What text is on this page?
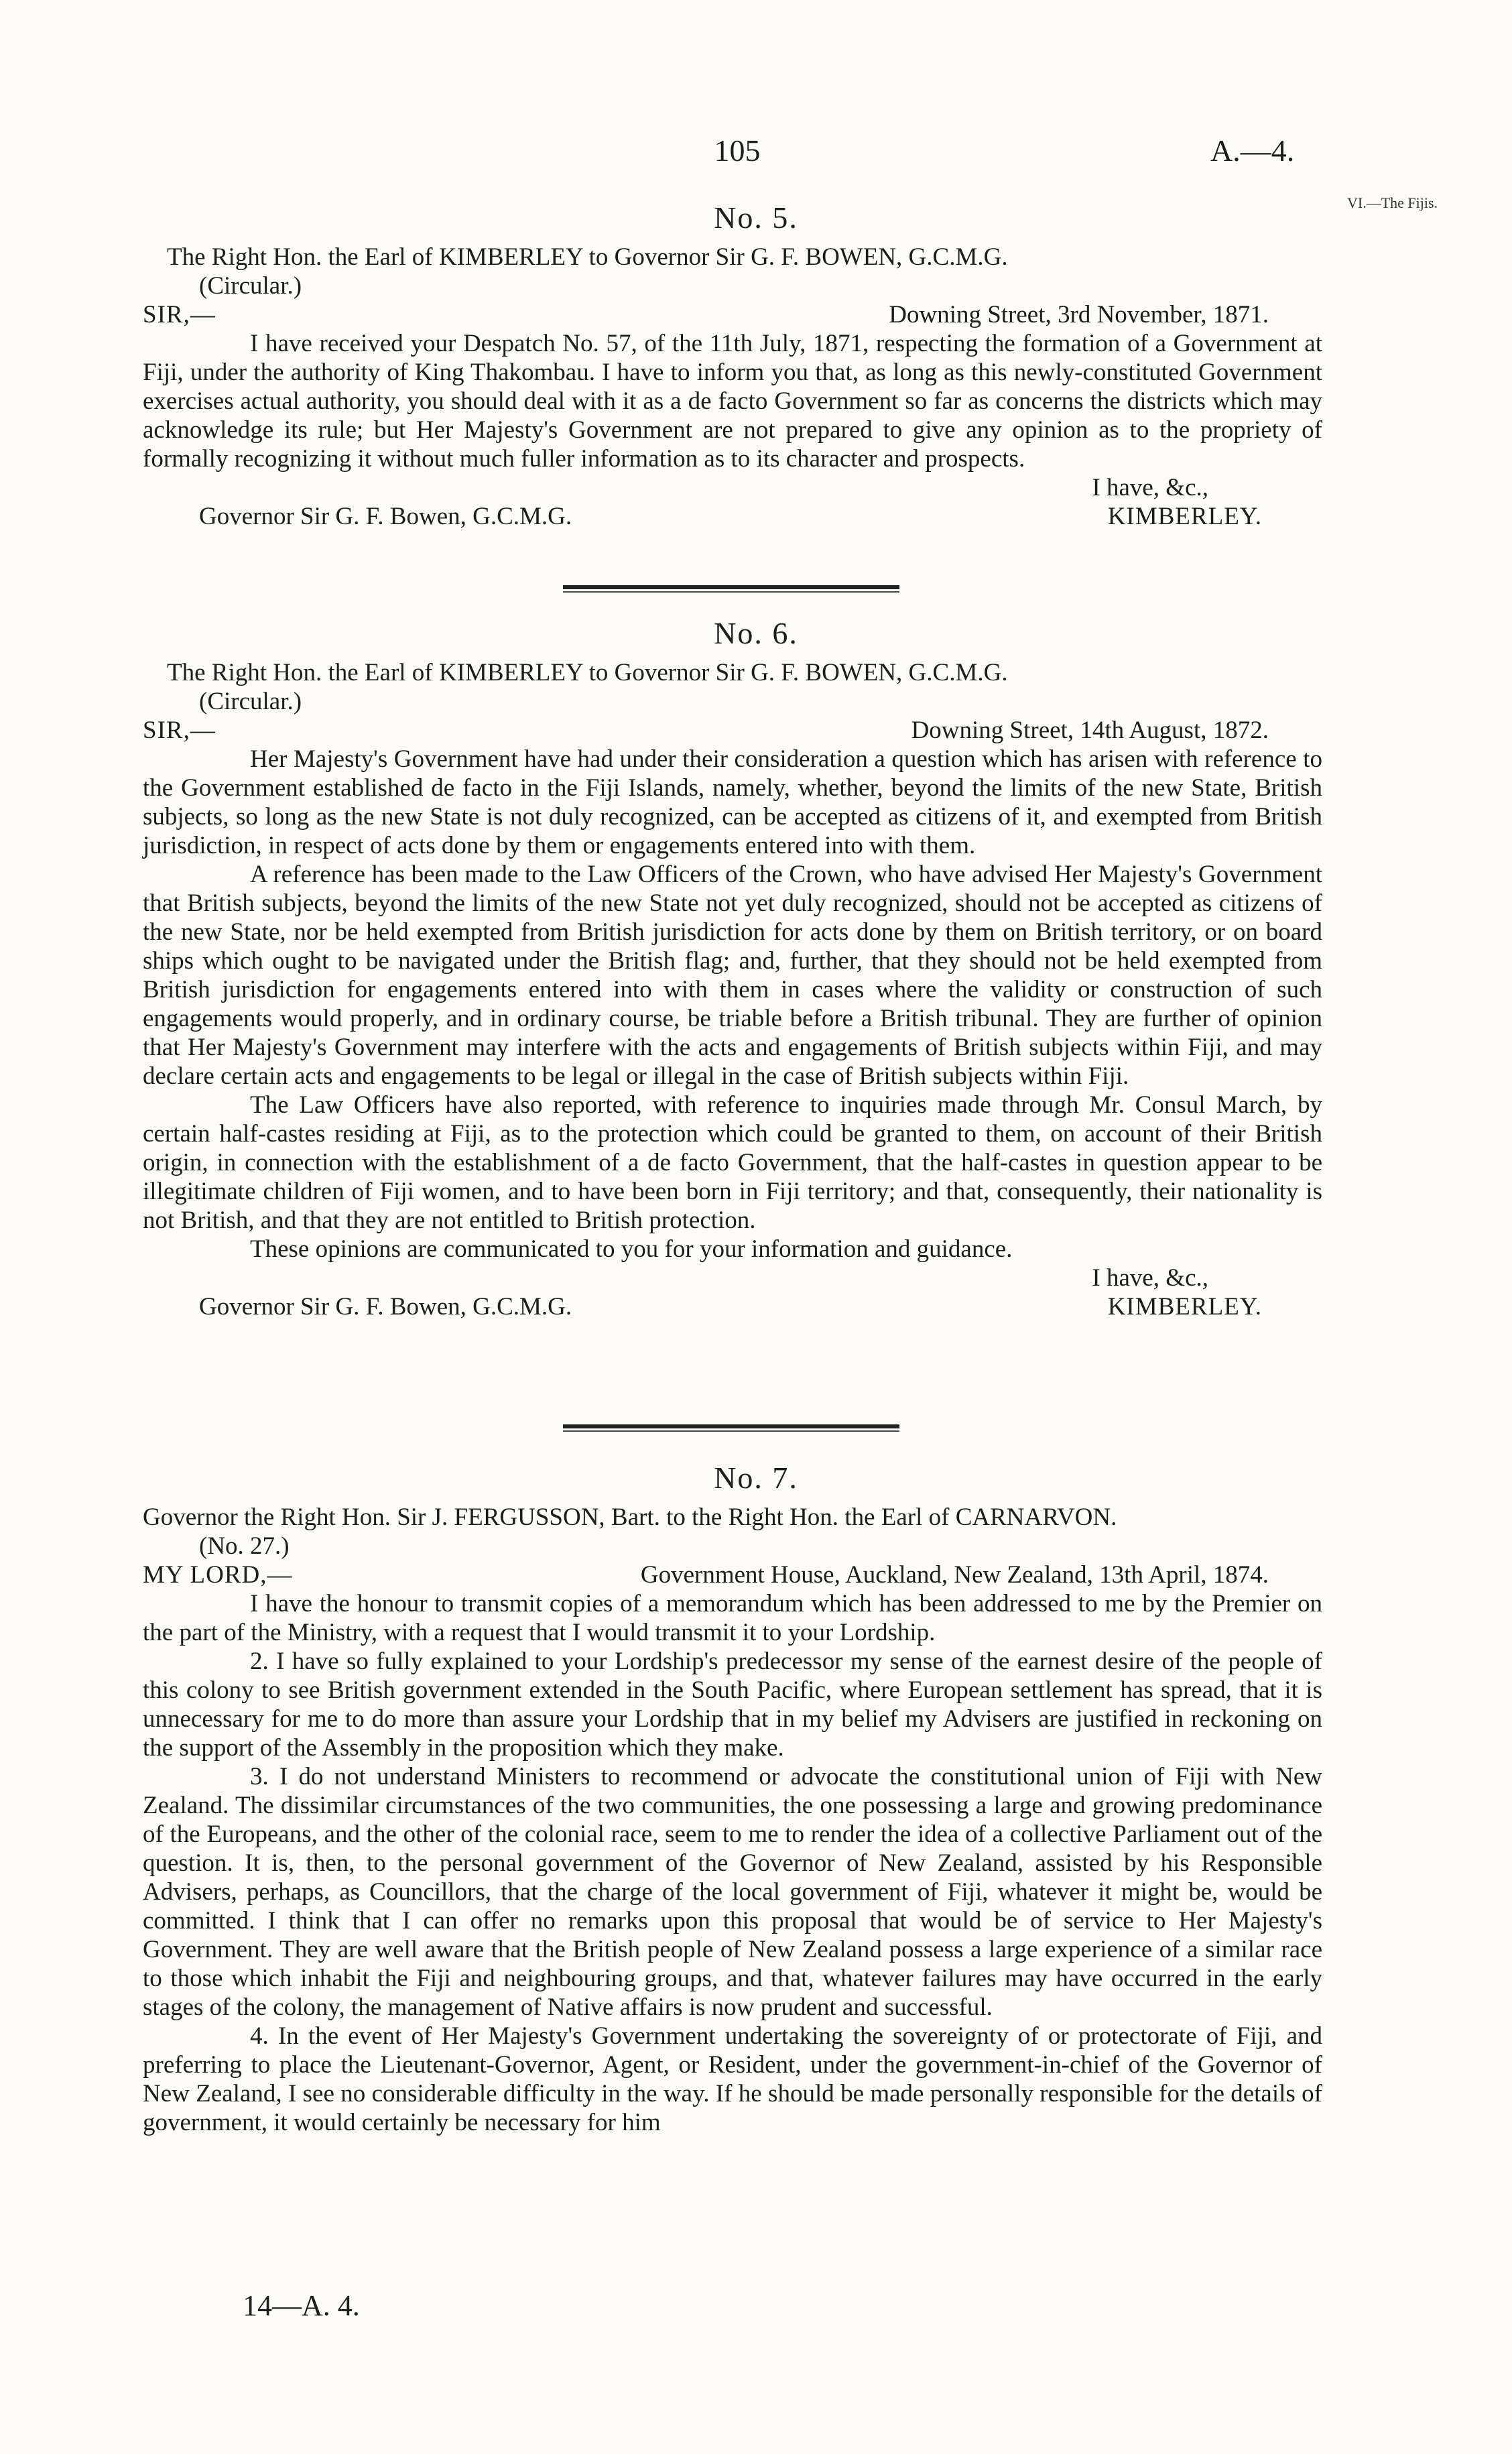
105	A.—4.
VI.—The Fijis.
No. 5.
The Right Hon. the Earl of KIMBERLEY to Governor Sir G. F. BOWEN, G.C.M.G.
(Circular.)
SIR,—	Downing Street, 3rd November, 1871.

I have received your Despatch No. 57, of the 11th July, 1871, respecting the formation of a Government at Fiji, under the authority of King Thakombau. I have to inform you that, as long as this newly-constituted Government exercises actual authority, you should deal with it as a de facto Government so far as concerns the districts which may acknowledge its rule; but Her Majesty's Government are not prepared to give any opinion as to the propriety of formally recognizing it without much fuller information as to its character and prospects.

I have, &c.,
Governor Sir G. F. Bowen, G.C.M.G.	KIMBERLEY.
No. 6.
The Right Hon. the Earl of KIMBERLEY to Governor Sir G. F. BOWEN, G.C.M.G.
(Circular.)
SIR,—	Downing Street, 14th August, 1872.

Her Majesty's Government have had under their consideration a question which has arisen with reference to the Government established de facto in the Fiji Islands, namely, whether, beyond the limits of the new State, British subjects, so long as the new State is not duly recognized, can be accepted as citizens of it, and exempted from British jurisdiction, in respect of acts done by them or engagements entered into with them.

A reference has been made to the Law Officers of the Crown, who have advised Her Majesty's Government that British subjects, beyond the limits of the new State not yet duly recognized, should not be accepted as citizens of the new State, nor be held exempted from British jurisdiction for acts done by them on British territory, or on board ships which ought to be navigated under the British flag; and, further, that they should not be held exempted from British jurisdiction for engagements entered into with them in cases where the validity or construction of such engagements would properly, and in ordinary course, be triable before a British tribunal. They are further of opinion that Her Majesty's Government may interfere with the acts and engagements of British subjects within Fiji, and may declare certain acts and engagements to be legal or illegal in the case of British subjects within Fiji.

The Law Officers have also reported, with reference to inquiries made through Mr. Consul March, by certain half-castes residing at Fiji, as to the protection which could be granted to them, on account of their British origin, in connection with the establishment of a de facto Government, that the half-castes in question appear to be illegitimate children of Fiji women, and to have been born in Fiji territory; and that, consequently, their nationality is not British, and that they are not entitled to British protection.

These opinions are communicated to you for your information and guidance.

I have, &c.,
Governor Sir G. F. Bowen, G.C.M.G.	KIMBERLEY.
No. 7.
Governor the Right Hon. Sir J. FERGUSSON, Bart. to the Right Hon. the Earl of CARNARVON.
(No. 27.)
MY LORD,—	Government House, Auckland, New Zealand, 13th April, 1874.

I have the honour to transmit copies of a memorandum which has been addressed to me by the Premier on the part of the Ministry, with a request that I would transmit it to your Lordship.

2. I have so fully explained to your Lordship's predecessor my sense of the earnest desire of the people of this colony to see British government extended in the South Pacific, where European settlement has spread, that it is unnecessary for me to do more than assure your Lordship that in my belief my Advisers are justified in reckoning on the support of the Assembly in the proposition which they make.

3. I do not understand Ministers to recommend or advocate the constitutional union of Fiji with New Zealand. The dissimilar circumstances of the two communities, the one possessing a large and growing predominance of the Europeans, and the other of the colonial race, seem to me to render the idea of a collective Parliament out of the question. It is, then, to the personal government of the Governor of New Zealand, assisted by his Responsible Advisers, perhaps, as Councillors, that the charge of the local government of Fiji, whatever it might be, would be committed. I think that I can offer no remarks upon this proposal that would be of service to Her Majesty's Government. They are well aware that the British people of New Zealand possess a large experience of a similar race to those which inhabit the Fiji and neighbouring groups, and that, whatever failures may have occurred in the early stages of the colony, the management of Native affairs is now prudent and successful.

4. In the event of Her Majesty's Government undertaking the sovereignty of or protectorate of Fiji, and preferring to place the Lieutenant-Governor, Agent, or Resident, under the government-in-chief of the Governor of New Zealand, I see no considerable difficulty in the way. If he should be made personally responsible for the details of government, it would certainly be necessary for him

14—A. 4.
